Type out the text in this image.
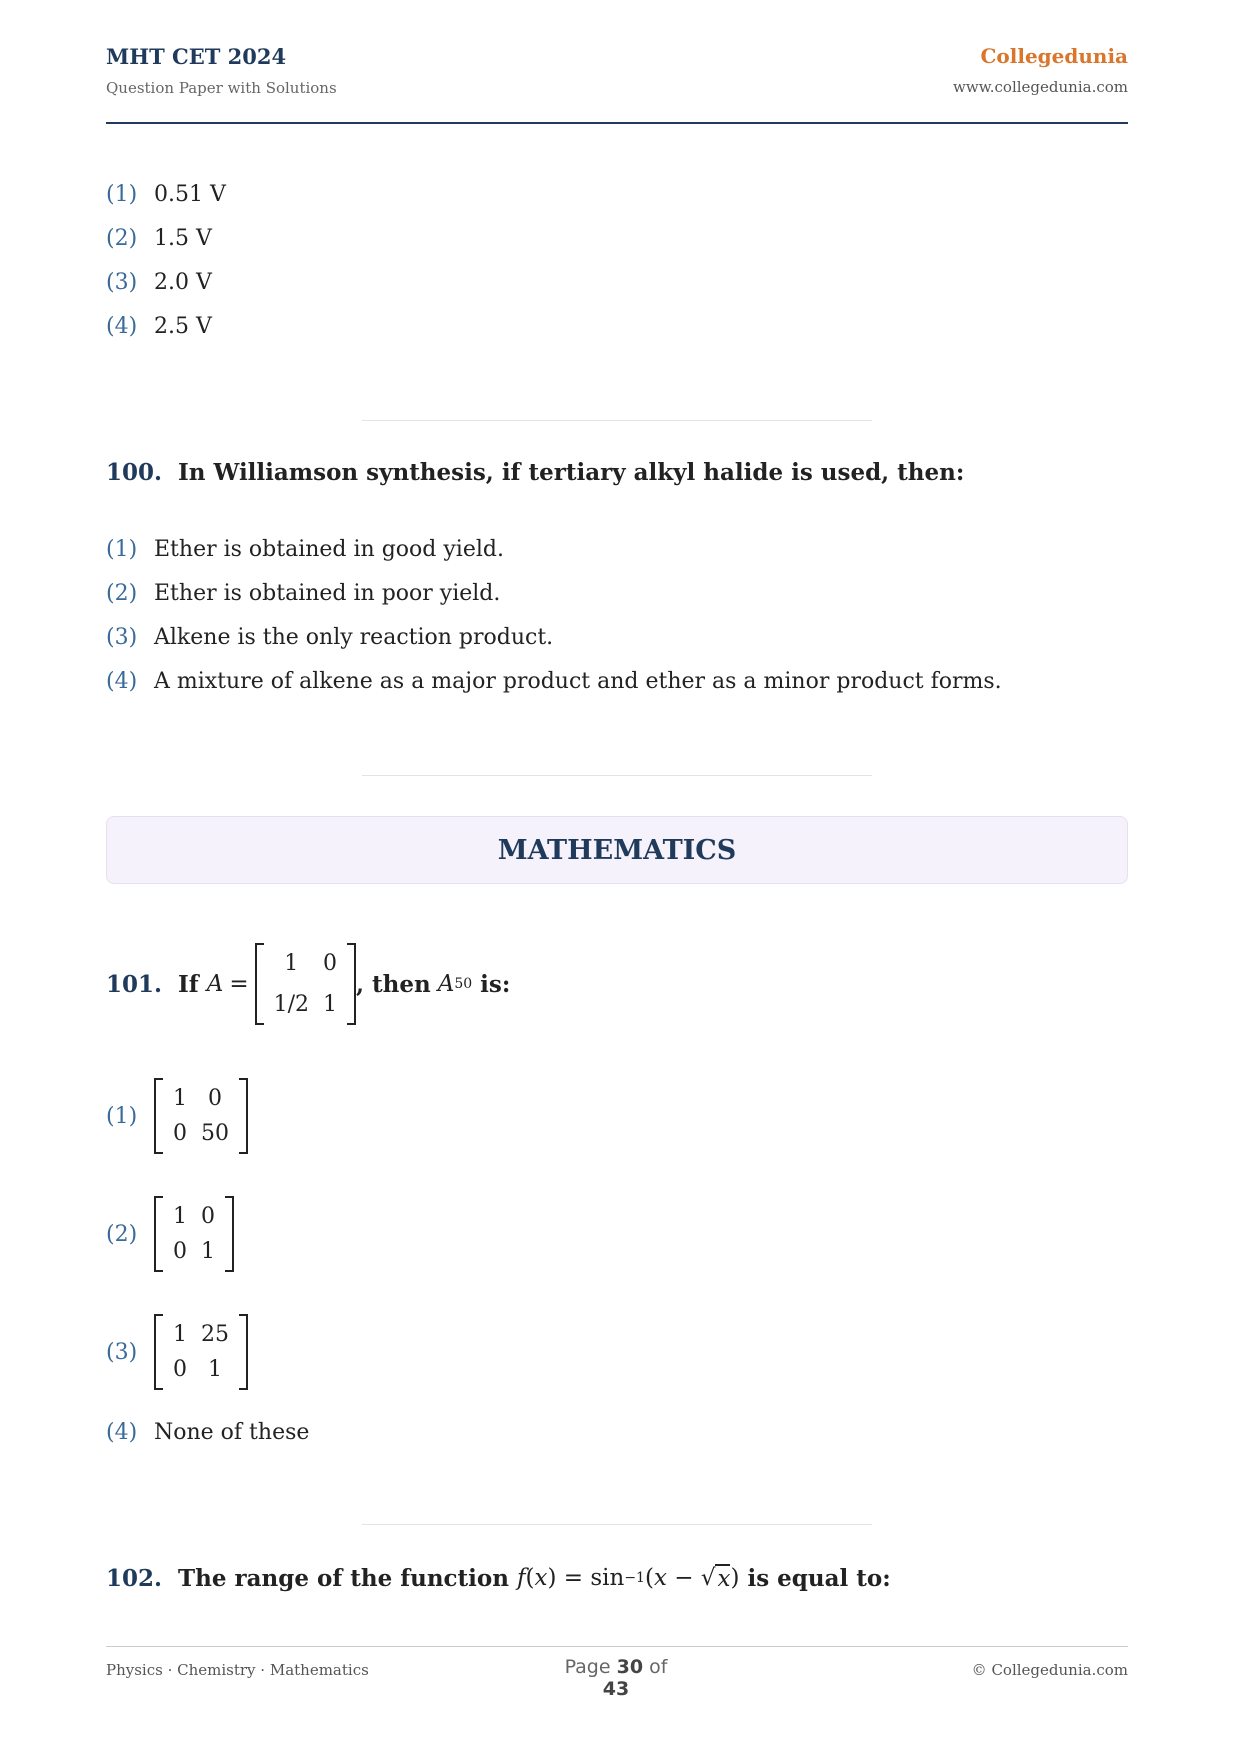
MHT CET 2024
Question Paper with Solutions
Collegedunia
www.collegedunia.com
(1) 0.51 V
(2) 1.5 V
(3) 2.0 V
(4) 2.5 V
100. In Williamson synthesis, if tertiary alkyl halide is used, then:
(1) Ether is obtained in good yield.
(2) Ether is obtained in poor yield.
(3) Alkene is the only reaction product.
(4) A mixture of alkene as a major product and ether as a minor product forms.
MATHEMATICS
101. If A =
1 0
1/2 1
, then A 50 is:
(1)
1 0
0 50
(2)
1 0
0 1
(3)
1 25
0 1
(4) None of these
102. The range of the function f ( x ) = sin −1 ( x − √ x ) is equal to:
Physics · Chemistry · Mathematics	Page 30 of 43
© Collegedunia.com
